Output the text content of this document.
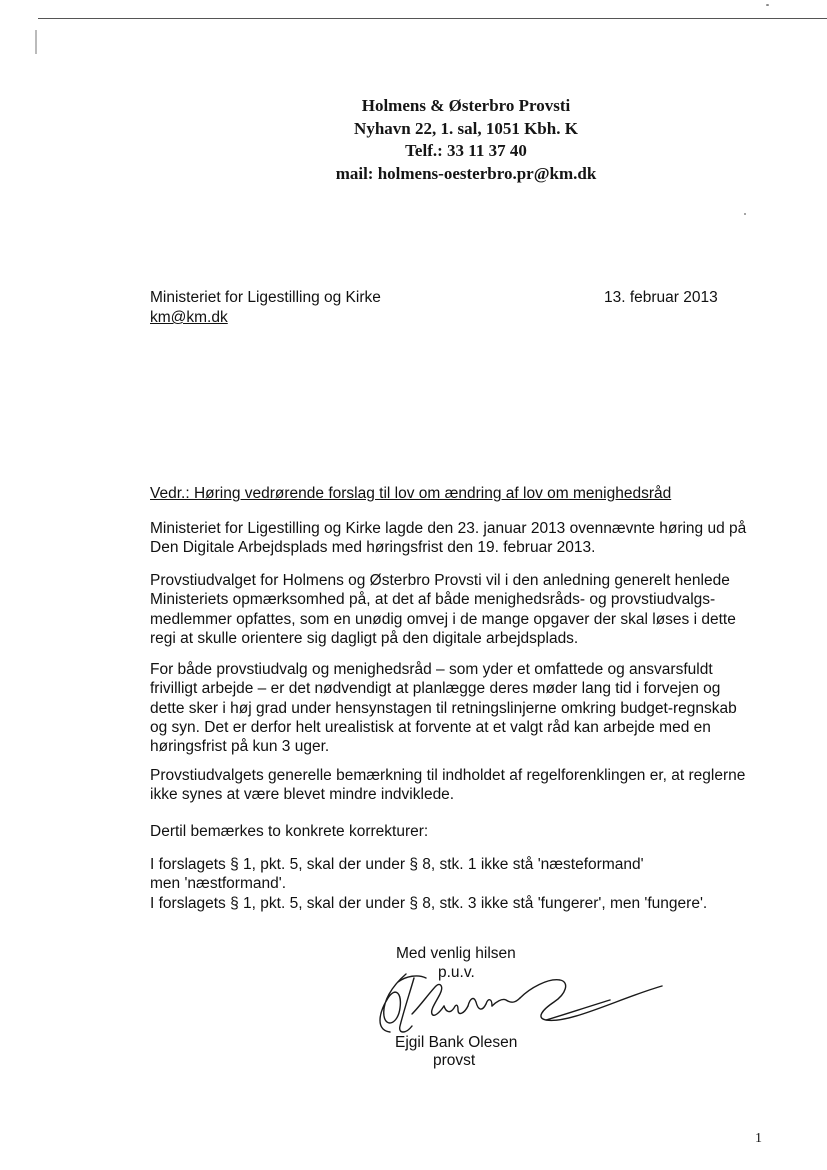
Holmens & Østerbro Provsti
Nyhavn 22, 1. sal, 1051 Kbh. K
Telf.: 33 11 37 40
mail: holmens-oesterbro.pr@km.dk
Ministeriet for Ligestilling og Kirke
km@km.dk
13. februar 2013
Vedr.: Høring vedrørende forslag til lov om ændring af lov om menighedsråd
Ministeriet for Ligestilling og Kirke lagde den 23. januar 2013 ovennævnte høring ud på
Den Digitale Arbejdsplads med høringsfrist den 19. februar 2013.
Provstiudvalget for Holmens og Østerbro Provsti vil i den anledning generelt henlede
Ministeriets opmærksomhed på, at det af både menighedsråds- og provstiudvalgs-
medlemmer opfattes, som en unødig omvej i de mange opgaver der skal løses i dette
regi at skulle orientere sig dagligt på den digitale arbejdsplads.
For både provstiudvalg og menighedsråd – som yder et omfattede og ansvarsfuldt
frivilligt arbejde – er det nødvendigt at planlægge deres møder lang tid i forvejen og
dette sker i høj grad under hensynstagen til retningslinjerne omkring budget-regnskab
og syn. Det er derfor helt urealistisk at forvente at et valgt råd kan arbejde med en
høringsfrist på kun 3 uger.
Provstiudvalgets generelle bemærkning til indholdet af regelforenklingen er, at reglerne
ikke synes at være blevet mindre indviklede.
Dertil bemærkes to konkrete korrekturer:
I forslagets § 1, pkt. 5, skal der under § 8, stk. 1 ikke stå 'næsteformand'
men 'næstformand'.
I forslagets § 1, pkt. 5, skal der under § 8, stk. 3 ikke stå 'fungerer', men 'fungere'.
Med venlig hilsen
p.u.v.
Ejgil Bank Olesen
provst
1
